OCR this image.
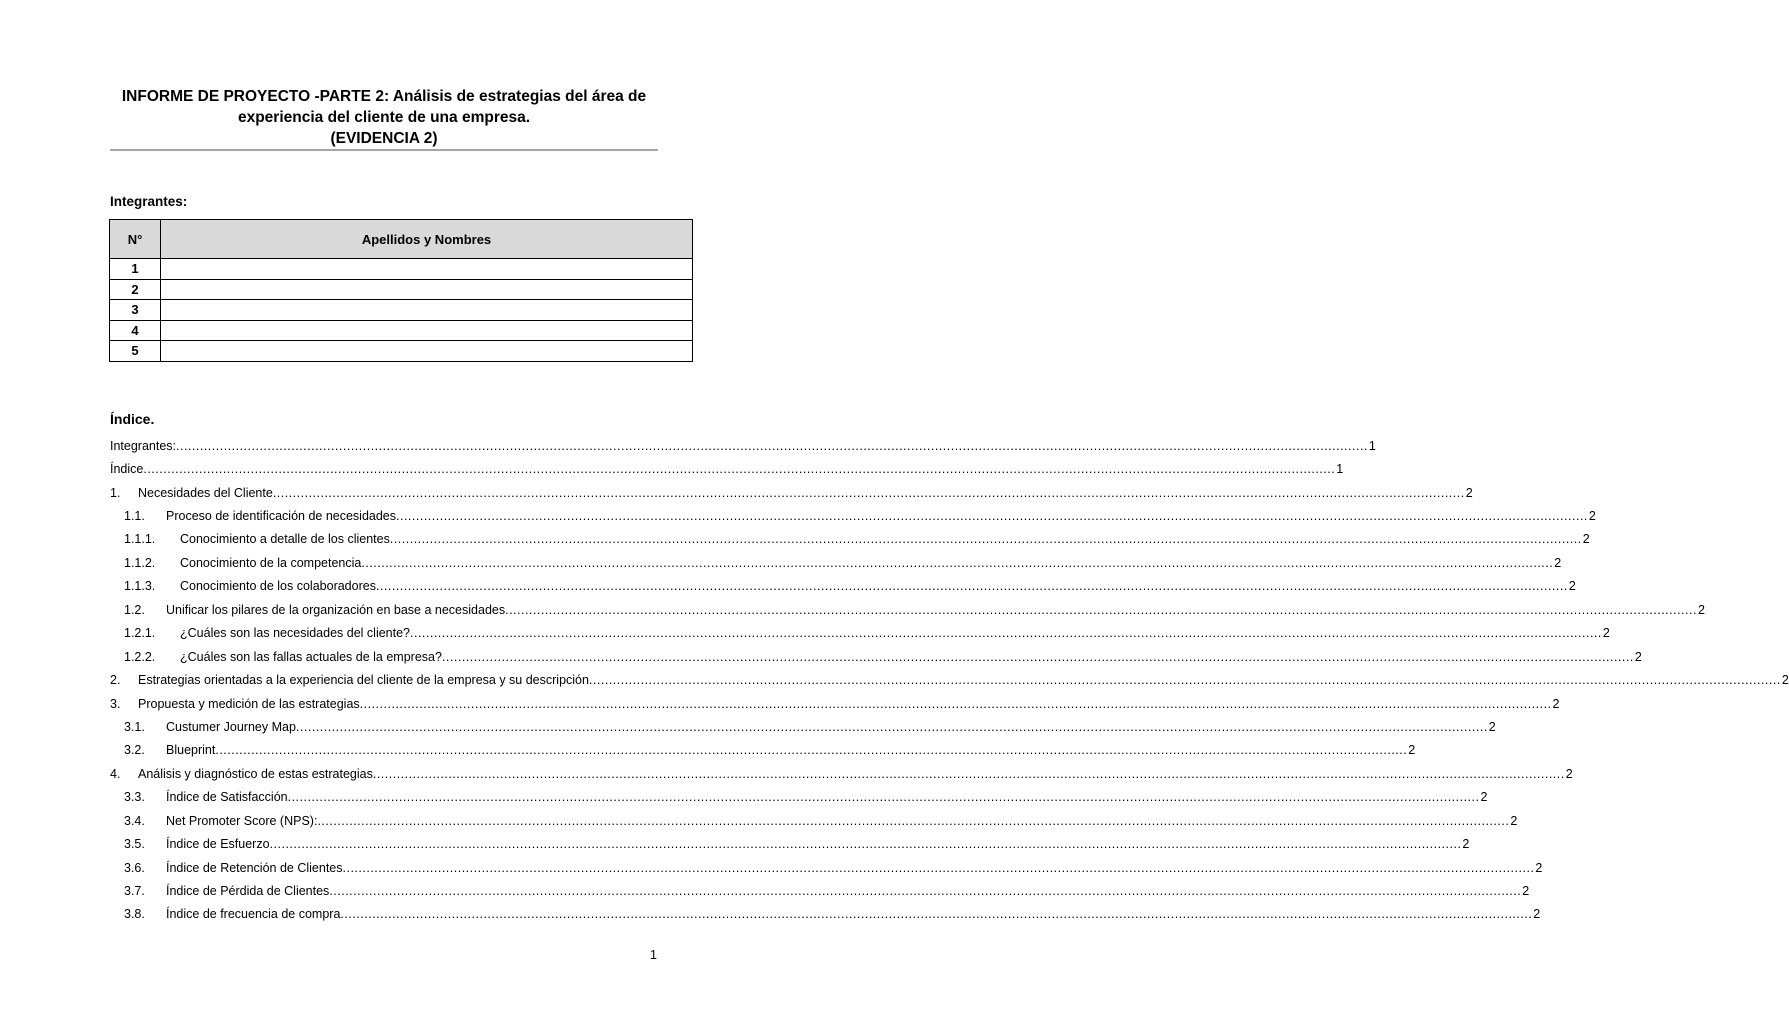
INFORME DE PROYECTO -PARTE 2: Análisis de estrategias del área de
experiencia del cliente de una empresa.
(EVIDENCIA 2)
Integrantes:
N°	Apellidos y Nombres
1	
2	
3	
4	
5	
Índice.
Integrantes: ............................................................................................................................................................................................................................................................................................................ 1
Índice ............................................................................................................................................................................................................................................................................................................ 1
1.	Necesidades del Cliente ............................................................................................................................................................................................................................................................................................................ 2
1.1.	Proceso de identificación de necesidades ............................................................................................................................................................................................................................................................................................................ 2
1.1.1.	Conocimiento a detalle de los clientes ............................................................................................................................................................................................................................................................................................................ 2
1.1.2.	Conocimiento de la competencia ............................................................................................................................................................................................................................................................................................................ 2
1.1.3.	Conocimiento de los colaboradores ............................................................................................................................................................................................................................................................................................................ 2
1.2.	Unificar los pilares de la organización en base a necesidades ............................................................................................................................................................................................................................................................................................................ 2
1.2.1.	¿Cuáles son las necesidades del cliente? ............................................................................................................................................................................................................................................................................................................ 2
1.2.2.	¿Cuáles son las fallas actuales de la empresa? ............................................................................................................................................................................................................................................................................................................ 2
2.	Estrategias orientadas a la experiencia del cliente de la empresa y su descripción ............................................................................................................................................................................................................................................................................................................ 2
3.	Propuesta y medición de las estrategias ............................................................................................................................................................................................................................................................................................................ 2
3.1.	Custumer Journey Map ............................................................................................................................................................................................................................................................................................................ 2
3.2.	Blueprint ............................................................................................................................................................................................................................................................................................................ 2
4.	Análisis y diagnóstico de estas estrategias ............................................................................................................................................................................................................................................................................................................ 2
3.3.	Índice de Satisfacción ............................................................................................................................................................................................................................................................................................................ 2
3.4.	Net Promoter Score (NPS): ............................................................................................................................................................................................................................................................................................................ 2
3.5.	Índice de Esfuerzo ............................................................................................................................................................................................................................................................................................................ 2
3.6.	Índice de Retención de Clientes ............................................................................................................................................................................................................................................................................................................ 2
3.7.	Índice de Pérdida de Clientes ............................................................................................................................................................................................................................................................................................................ 2
3.8.	Índice de frecuencia de compra ............................................................................................................................................................................................................................................................................................................ 2
1
